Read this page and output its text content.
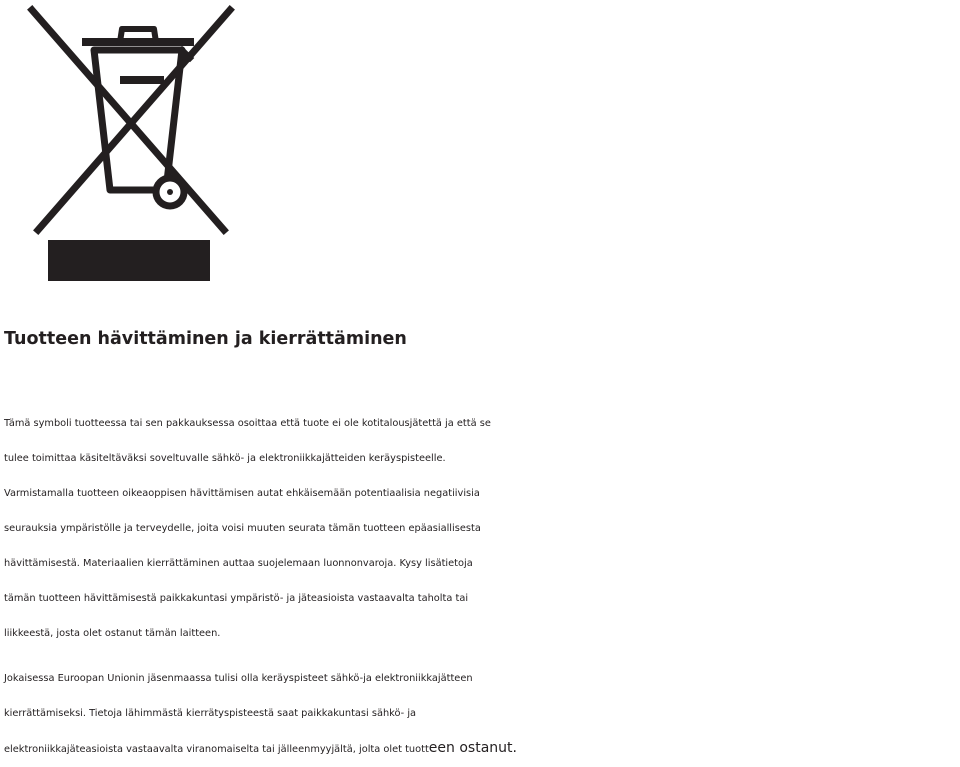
Tuotteen hävittäminen ja kierrättäminen

Tämä symboli tuotteessa tai sen pakkauksessa osoittaa että tuote ei ole kotitalousjätettä ja että se
tulee toimittaa käsiteltäväksi soveltuvalle sähkö- ja elektroniikkajätteiden keräyspisteelle.
Varmistamalla tuotteen oikeaoppisen hävittämisen autat ehkäisemään potentiaalisia negatiivisia
seurauksia ympäristölle ja terveydelle, joita voisi muuten seurata tämän tuotteen epäasiallisesta
hävittämisestä. Materiaalien kierrättäminen auttaa suojelemaan luonnonvaroja. Kysy lisätietoja
tämän tuotteen hävittämisestä paikkakuntasi ympäristö- ja jäteasioista vastaavalta taholta tai
liikkeestä, josta olet ostanut tämän laitteen.

Jokaisessa Euroopan Unionin jäsenmaassa tulisi olla keräyspisteet sähkö-ja elektroniikkajätteen
kierrättämiseksi. Tietoja lähimmästä kierrätyspisteestä saat paikkakuntasi sähkö- ja
elektroniikkajäteasioista vastaavalta viranomaiselta tai jälleenmyyjältä, jolta olet tuotteen ostanut.
